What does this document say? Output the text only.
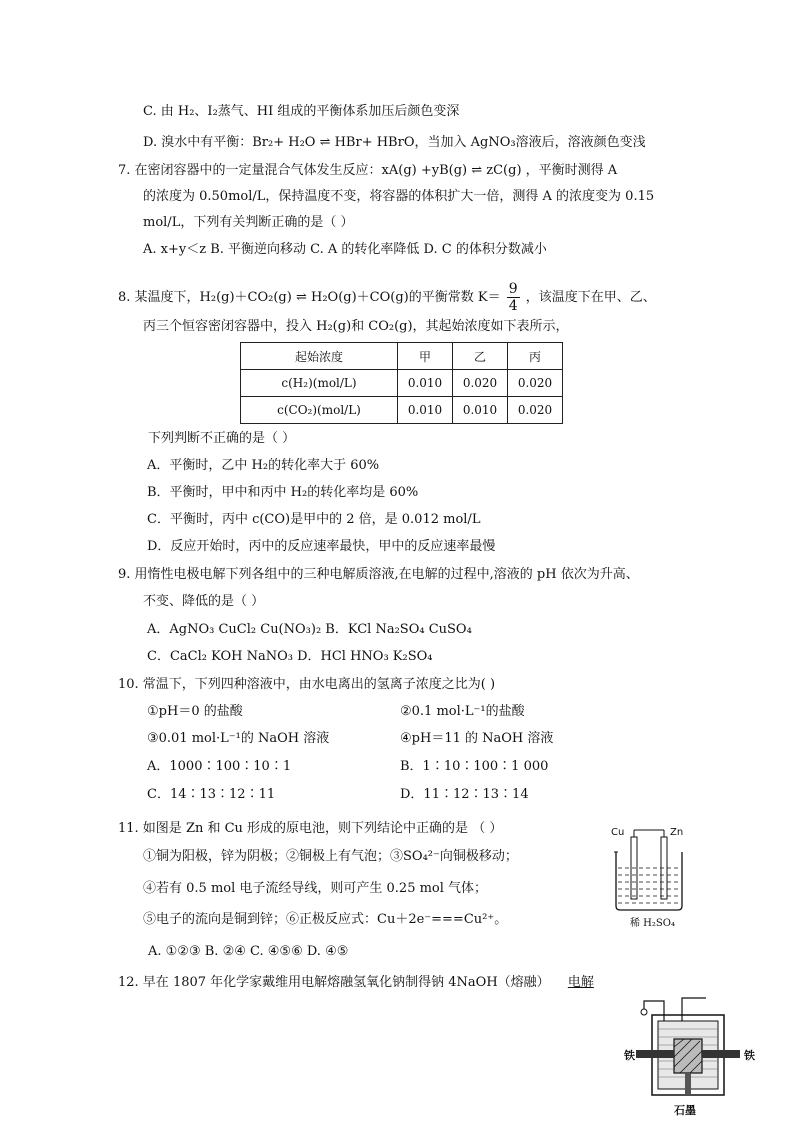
C. 由 H₂、I₂蒸气、HI 组成的平衡体系加压后颜色变深
D. 溴水中有平衡：Br₂+ H₂O ⇌ HBr+ HBrO，当加入 AgNO₃溶液后，溶液颜色变浅
7. 在密闭容器中的一定量混合气体发生反应：xA(g) +yB(g) ⇌ zC(g) ，平衡时测得 A
的浓度为 0.50mol/L，保持温度不变，将容器的体积扩大一倍，测得 A 的浓度变为 0.15
mol/L，下列有关判断正确的是（ ）
A. x+y＜z B. 平衡逆向移动 C. A 的转化率降低 D. C 的体积分数减小
8. 某温度下，H₂(g)＋CO₂(g) ⇌ H₂O(g)＋CO(g)的平衡常数 $K= \frac{9}{4}$ ，该温度下在甲、乙、
丙三个恒容密闭容器中，投入 H₂(g)和 CO₂(g)，其起始浓度如下表所示，
起始浓度	甲	乙	丙
c(H₂)(mol/L)	0.010	0.020	0.020
c(CO₂)(mol/L)	0.010	0.010	0.020
下列判断不正确的是（ ）
A．平衡时，乙中 H₂的转化率大于 60%
B．平衡时，甲中和丙中 H₂的转化率均是 60%
C．平衡时，丙中 c(CO)是甲中的 2 倍，是 0.012 mol/L
D．反应开始时，丙中的反应速率最快，甲中的反应速率最慢
9. 用惰性电极电解下列各组中的三种电解质溶液,在电解的过程中,溶液的 pH 依次为升高、
不变、降低的是（ ）
A．AgNO₃ CuCl₂ Cu(NO₃)₂ B．KCl Na₂SO₄ CuSO₄
C．CaCl₂ KOH NaNO₃ D．HCl HNO₃ K₂SO₄
10. 常温下，下列四种溶液中，由水电离出的氢离子浓度之比为( )
①pH＝0 的盐酸	②0.1 mol·L⁻¹的盐酸
③0.01 mol·L⁻¹的 NaOH 溶液	④pH＝11 的 NaOH 溶液
A．1000∶100∶10∶1	B．1∶10∶100∶1 000
C．14∶13∶12∶11	D．11∶12∶13∶14
11. 如图是 Zn 和 Cu 形成的原电池，则下列结论中正确的是 （ ）
①铜为阳极，锌为阴极；②铜极上有气泡；③SO₄²⁻向铜极移动；
④若有 0.5 mol 电子流经导线，则可产生 0.25 mol 气体；
⑤电子的流向是铜到锌；⑥正极反应式：Cu＋2e⁻===Cu²⁺。
A. ①②③ B. ②④ C. ④⑤⑥ D. ④⑤
12. 早在 1807 年化学家戴维用电解熔融氢氧化钠制得钠 4NaOH（熔融） 电解
Cu	Zn
稀 H₂SO₄
铁	铁
石墨
